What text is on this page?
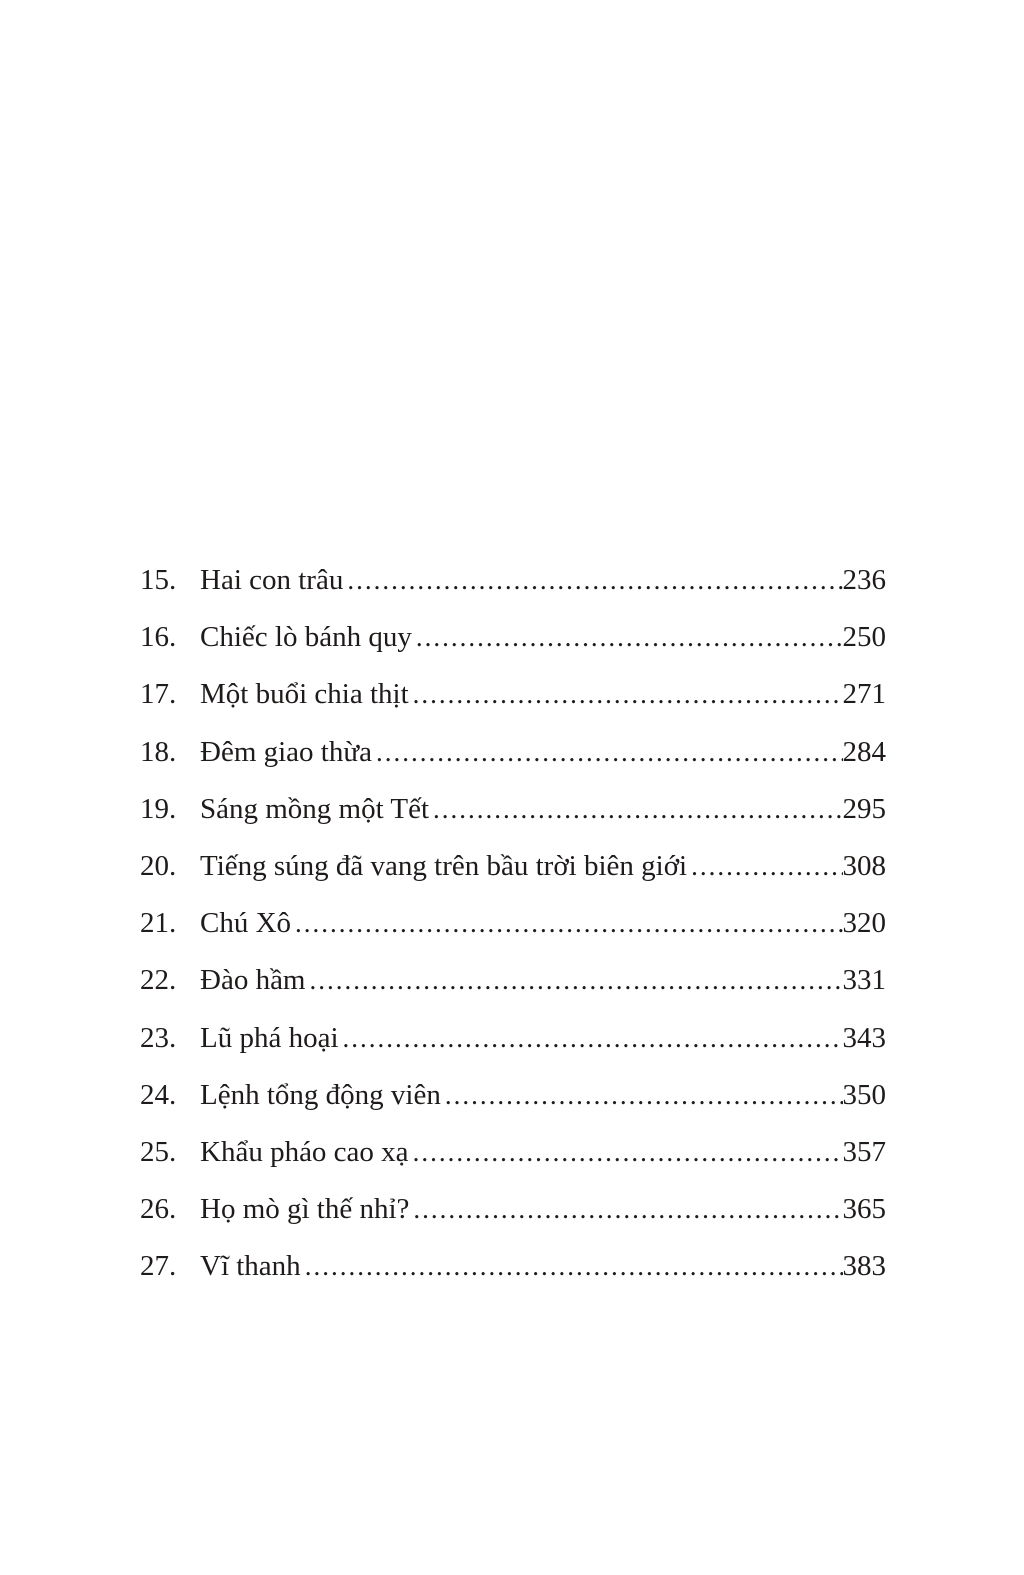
15. Hai con trâu .....	236
16. Chiếc lò bánh quy .....	250
17. Một buổi chia thịt .....	271
18. Đêm giao thừa .....	284
19. Sáng mồng một Tết .....	295
20. Tiếng súng đã vang trên bầu trời biên giới .....	308
21. Chú Xô .....	320
22. Đào hầm .....	331
23. Lũ phá hoại .....	343
24. Lệnh tổng động viên .....	350
25. Khẩu pháo cao xạ .....	357
26. Họ mò gì thế nhỉ? .....	365
27. Vĩ thanh .....	383
